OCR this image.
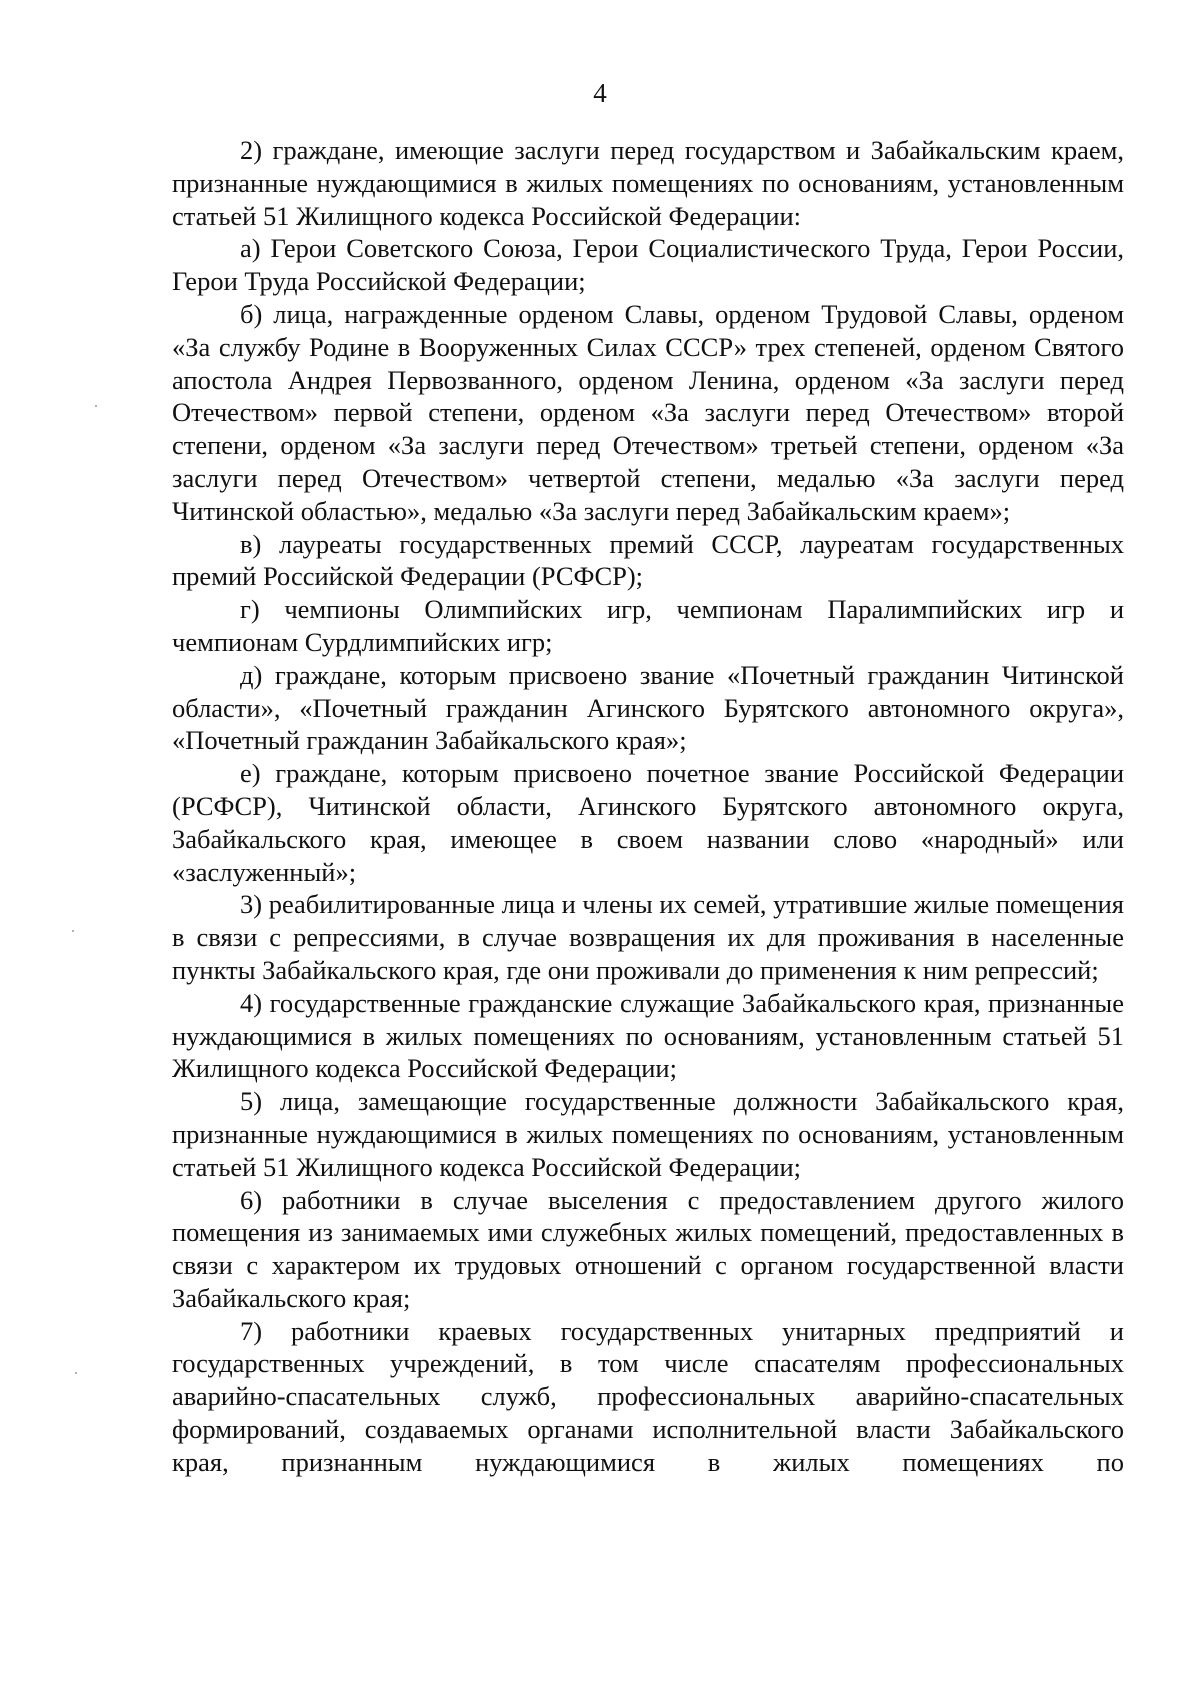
4

2) граждане, имеющие заслуги перед государством и Забайкальским краем, признанные нуждающимися в жилых помещениях по основаниям, установленным статьей 51 Жилищного кодекса Российской Федерации:

а) Герои Советского Союза, Герои Социалистического Труда, Герои России, Герои Труда Российской Федерации;

б) лица, награжденные орденом Славы, орденом Трудовой Славы, орденом «За службу Родине в Вооруженных Силах СССР» трех степеней, орденом Святого апостола Андрея Первозванного, орденом Ленина, орденом «За заслуги перед Отечеством» первой степени, орденом «За заслуги перед Отечеством» второй степени, орденом «За заслуги перед Отечеством» третьей степени, орденом «За заслуги перед Отечеством» четвертой степени, медалью «За заслуги перед Читинской областью», медалью «За заслуги перед Забайкальским краем»;

в) лауреаты государственных премий СССР, лауреатам государственных премий Российской Федерации (РСФСР);

г) чемпионы Олимпийских игр, чемпионам Паралимпийских игр и чемпионам Сурдлимпийских игр;

д) граждане, которым присвоено звание «Почетный гражданин Читинской области», «Почетный гражданин Агинского Бурятского автономного округа», «Почетный гражданин Забайкальского края»;

е) граждане, которым присвоено почетное звание Российской Федерации (РСФСР), Читинской области, Агинского Бурятского автономного округа, Забайкальского края, имеющее в своем названии слово «народный» или «заслуженный»;

3) реабилитированные лица и члены их семей, утратившие жилые помещения в связи с репрессиями, в случае возвращения их для проживания в населенные пункты Забайкальского края, где они проживали до применения к ним репрессий;

4) государственные гражданские служащие Забайкальского края, признанные нуждающимися в жилых помещениях по основаниям, установленным статьей 51 Жилищного кодекса Российской Федерации;

5) лица, замещающие государственные должности Забайкальского края, признанные нуждающимися в жилых помещениях по основаниям, установленным статьей 51 Жилищного кодекса Российской Федерации;

6) работники в случае выселения с предоставлением другого жилого помещения из занимаемых ими служебных жилых помещений, предоставленных в связи с характером их трудовых отношений с органом государственной власти Забайкальского края;

7) работники краевых государственных унитарных предприятий и государственных учреждений, в том числе спасателям профессиональных аварийно-спасательных служб, профессиональных аварийно-спасательных формирований, создаваемых органами исполнительной власти Забайкальского края, признанным нуждающимися в жилых помещениях по
